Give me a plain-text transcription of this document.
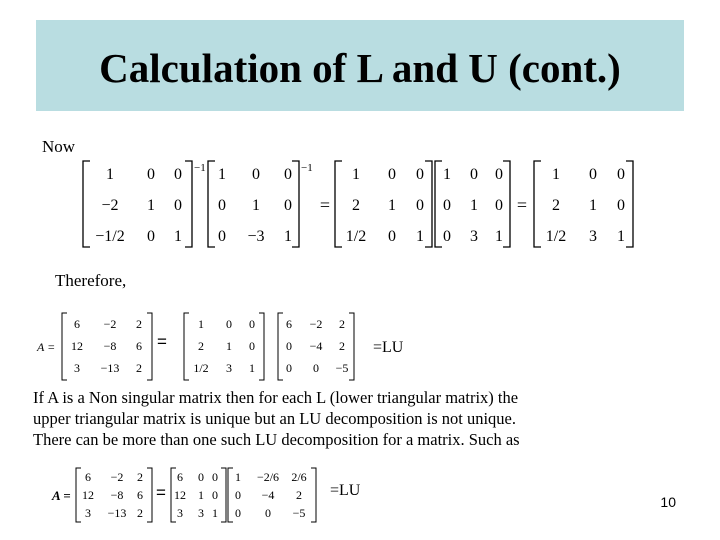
Calculation of L and U (cont.)
Now
Therefore,
1 0 0
−2 1 0
−1/2 0 1
−1 1 0 0
0 1 0
0 −3 1
−1
=
1 0 0
2 1 0
1/2 0 1
1 0 0
0 1 0
0 3 1
=
1 0 0
2 1 0
1/2 3 1
A =
6 −2 2
12 −8 6
3 −13 2
=
1 0 0
2 1 0
1/2 3 1
6 −2 2
0 −4 2
0 0 −5
=LU
A =
6 −2 2
12 −8 6
3 −13 2
=
6 0 0
12 1 0
3 3 1
1 −2/6 2/6
0 −4 2
0 0 −5
=LU
If A is a Non singular matrix then for each L (lower triangular matrix) the
upper triangular matrix is unique but an LU decomposition is not unique.
There can be more than one such LU decomposition for a matrix. Such as
10
